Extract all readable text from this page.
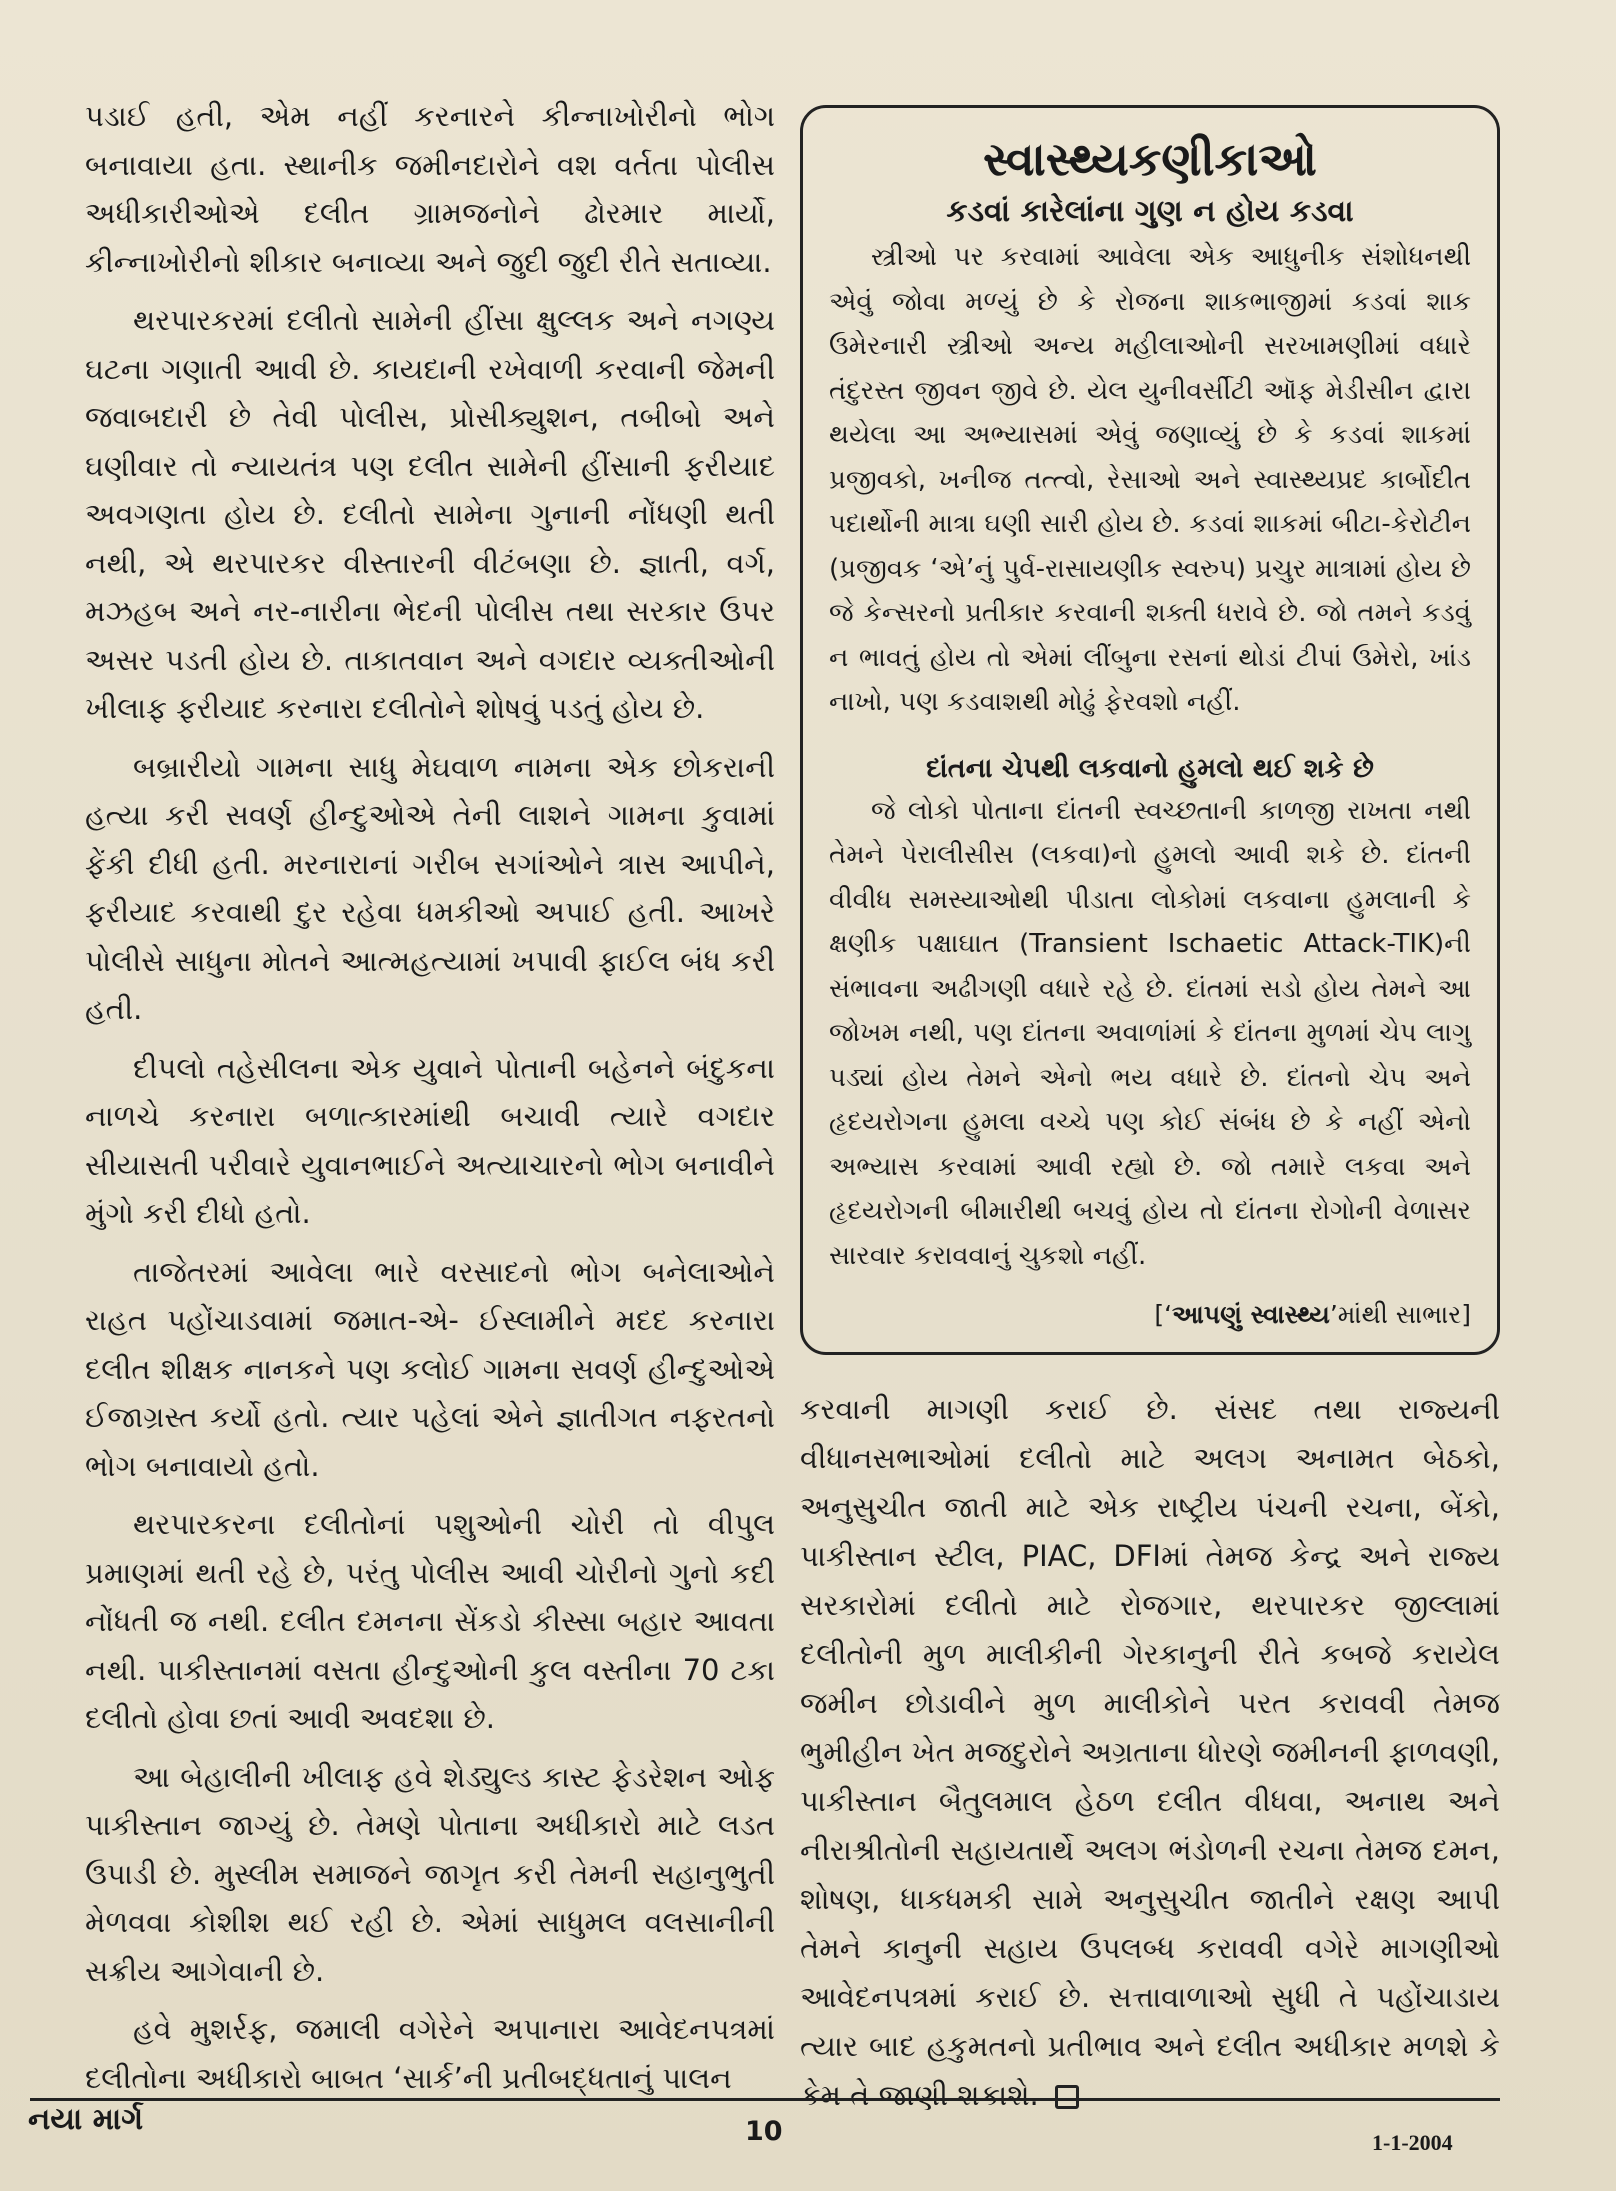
પડાઈ હતી, એમ નહીં કરનારને કીન્નાખોરીનો ભોગ બનાવાયા હતા. સ્થાનીક જમીનદારોને વશ વર્તતા પોલીસ અધીકારીઓએ દલીત ગ્રામજનોને ઢોરમાર માર્યો, કીન્નાખોરીનો શીકાર બનાવ્યા અને જુદી જુદી રીતે સતાવ્યા.

થરપારકરમાં દલીતો સામેની હીંસા ક્ષુલ્લક અને નગણ્ય ઘટના ગણાતી આવી છે. કાયદાની રખેવાળી કરવાની જેમની જવાબદારી છે તેવી પોલીસ, પ્રોસીક્યુશન, તબીબો અને ઘણીવાર તો ન્યાયતંત્ર પણ દલીત સામેની હીંસાની ફરીયાદ અવગણતા હોય છે. દલીતો સામેના ગુનાની નોંધણી થતી નથી, એ થરપારકર વીસ્તારની વીટંબણા છે. જ્ઞાતી, વર્ગ, મઝહબ અને નર-નારીના ભેદની પોલીસ તથા સરકાર ઉપર અસર પડતી હોય છે. તાકાતવાન અને વગદાર વ્યક્તીઓની ખીલાફ ફરીયાદ કરનારા દલીતોને શોષવું પડતું હોય છે.

બબ્રારીયો ગામના સાધુ મેઘવાળ નામના એક છોકરાની હત્યા કરી સવર્ણ હીન્દુઓએ તેની લાશને ગામના કુવામાં ફેંકી દીધી હતી. મરનારાનાં ગરીબ સગાંઓને ત્રાસ આપીને, ફરીયાદ કરવાથી દુર રહેવા ધમકીઓ અપાઈ હતી. આખરે પોલીસે સાધુના મોતને આત્મહત્યામાં ખપાવી ફાઈલ બંધ કરી હતી.

દીપલો તહેસીલના એક યુવાને પોતાની બહેનને બંદુકના નાળચે કરનારા બળાત્કારમાંથી બચાવી ત્યારે વગદાર સીયાસતી પરીવારે યુવાનભાઈને અત્યાચારનો ભોગ બનાવીને મુંગો કરી દીધો હતો.

તાજેતરમાં આવેલા ભારે વરસાદનો ભોગ બનેલાઓને રાહત પહોંચાડવામાં જમાત-એ- ઈસ્લામીને મદદ કરનારા દલીત શીક્ષક નાનકને પણ કલોઈ ગામના સવર્ણ હીન્દુઓએ ઈજાગ્રસ્ત કર્યો હતો. ત્યાર પહેલાં એને જ્ઞાતીગત નફરતનો ભોગ બનાવાયો હતો.

થરપારકરના દલીતોનાં પશુઓની ચોરી તો વીપુલ પ્રમાણમાં થતી રહે છે, પરંતુ પોલીસ આવી ચોરીનો ગુનો કદી નોંધતી જ નથી. દલીત દમનના સેંકડો કીસ્સા બહાર આવતા નથી. પાકીસ્તાનમાં વસતા હીન્દુઓની કુલ વસ્તીના 70 ટકા દલીતો હોવા છતાં આવી અવદશા છે.

આ બેહાલીની ખીલાફ હવે શેડ્યુલ્ડ કાસ્ટ ફેડરેશન ઓફ પાકીસ્તાન જાગ્યું છે. તેમણે પોતાના અધીકારો માટે લડત ઉપાડી છે. મુસ્લીમ સમાજને જાગૃત કરી તેમની સહાનુભુતી મેળવવા કોશીશ થઈ રહી છે. એમાં સાધુમલ વલસાનીની સક્રીય આગેવાની છે.

હવે મુશર્રફ, જમાલી વગેરેને અપાનારા આવેદનપત્રમાં દલીતોના અધીકારો બાબત ‘સાર્ક’ની પ્રતીબદ્ધતાનું પાલન

સ્વાસ્થ્યકણીકાઓ
કડવાં કારેલાંના ગુણ ન હોય કડવા

સ્ત્રીઓ પર કરવામાં આવેલા એક આધુનીક સંશોધનથી એવું જોવા મળ્યું છે કે રોજના શાકભાજીમાં કડવાં શાક ઉમેરનારી સ્ત્રીઓ અન્ય મહીલાઓની સરખામણીમાં વધારે તંદુરસ્ત જીવન જીવે છે. યેલ યુનીવર્સીટી ઑફ મેડીસીન દ્વારા થયેલા આ અભ્યાસમાં એવું જણાવ્યું છે કે કડવાં શાકમાં પ્રજીવકો, ખનીજ તત્ત્વો, રેસાઓ અને સ્વાસ્થ્યપ્રદ કાર્બોદીત પદાર્થોની માત્રા ઘણી સારી હોય છે. કડવાં શાકમાં બીટા-કેરોટીન (પ્રજીવક ‘એ’નું પુર્વ-રાસાયણીક સ્વરુપ) પ્રચુર માત્રામાં હોય છે જે કેન્સરનો પ્રતીકાર કરવાની શક્તી ધરાવે છે. જો તમને કડવું ન ભાવતું હોય તો એમાં લીંબુના રસનાં થોડાં ટીપાં ઉમેરો, ખાંડ નાખો, પણ કડવાશથી મોઢું ફેરવશો નહીં.

દાંતના ચેપથી લકવાનો હુમલો થઈ શકે છે

જે લોકો પોતાના દાંતની સ્વચ્છતાની કાળજી રાખતા નથી તેમને પેરાલીસીસ (લકવા)નો હુમલો આવી શકે છે. દાંતની વીવીધ સમસ્યાઓથી પીડાતા લોકોમાં લકવાના હુમલાની કે ક્ષણીક પક્ષાઘાત (Transient Ischaetic Attack-TIK)ની સંભાવના અઢીગણી વધારે રહે છે. દાંતમાં સડો હોય તેમને આ જોખમ નથી, પણ દાંતના અવાળાંમાં કે દાંતના મુળમાં ચેપ લાગુ પડ્યાં હોય તેમને એનો ભય વધારે છે. દાંતનો ચેપ અને હૃદયરોગના હુમલા વચ્ચે પણ કોઈ સંબંધ છે કે નહીં એનો અભ્યાસ કરવામાં આવી રહ્યો છે. જો તમારે લકવા અને હૃદયરોગની બીમારીથી બચવું હોય તો દાંતના રોગોની વેળાસર સારવાર કરાવવાનું ચુકશો નહીં.

[‘આપણું સ્વાસ્થ્ય’માંથી સાભાર]

કરવાની માગણી કરાઈ છે. સંસદ તથા રાજ્યની વીધાનસભાઓમાં દલીતો માટે અલગ અનામત બેઠકો, અનુસુચીત જાતી માટે એક રાષ્ટ્રીય પંચની રચના, બેંકો, પાકીસ્તાન સ્ટીલ, PIAC, DFIમાં તેમજ કેન્દ્ર અને રાજ્ય સરકારોમાં દલીતો માટે રોજગાર, થરપારકર જીલ્લામાં દલીતોની મુળ માલીકીની ગેરકાનુની રીતે કબજે કરાયેલ જમીન છોડાવીને મુળ માલીકોને પરત કરાવવી તેમજ ભુમીહીન ખેત મજદુરોને અગ્રતાના ધોરણે જમીનની ફાળવણી, પાકીસ્તાન બૈતુલમાલ હેઠળ દલીત વીધવા, અનાથ અને નીરાશ્રીતોની સહાયતાર્થે અલગ ભંડોળની રચના તેમજ દમન, શોષણ, ધાકધમકી સામે અનુસુચીત જાતીને રક્ષણ આપી તેમને કાનુની સહાય ઉપલબ્ધ કરાવવી વગેરે માગણીઓ આવેદનપત્રમાં કરાઈ છે. સત્તાવાળાઓ સુધી તે પહોંચાડાય ત્યાર બાદ હકુમતનો પ્રતીભાવ અને દલીત અધીકાર મળશે કે કેમ તે જાણી શકાશે.

નયા માર્ગ	10	1-1-2004
